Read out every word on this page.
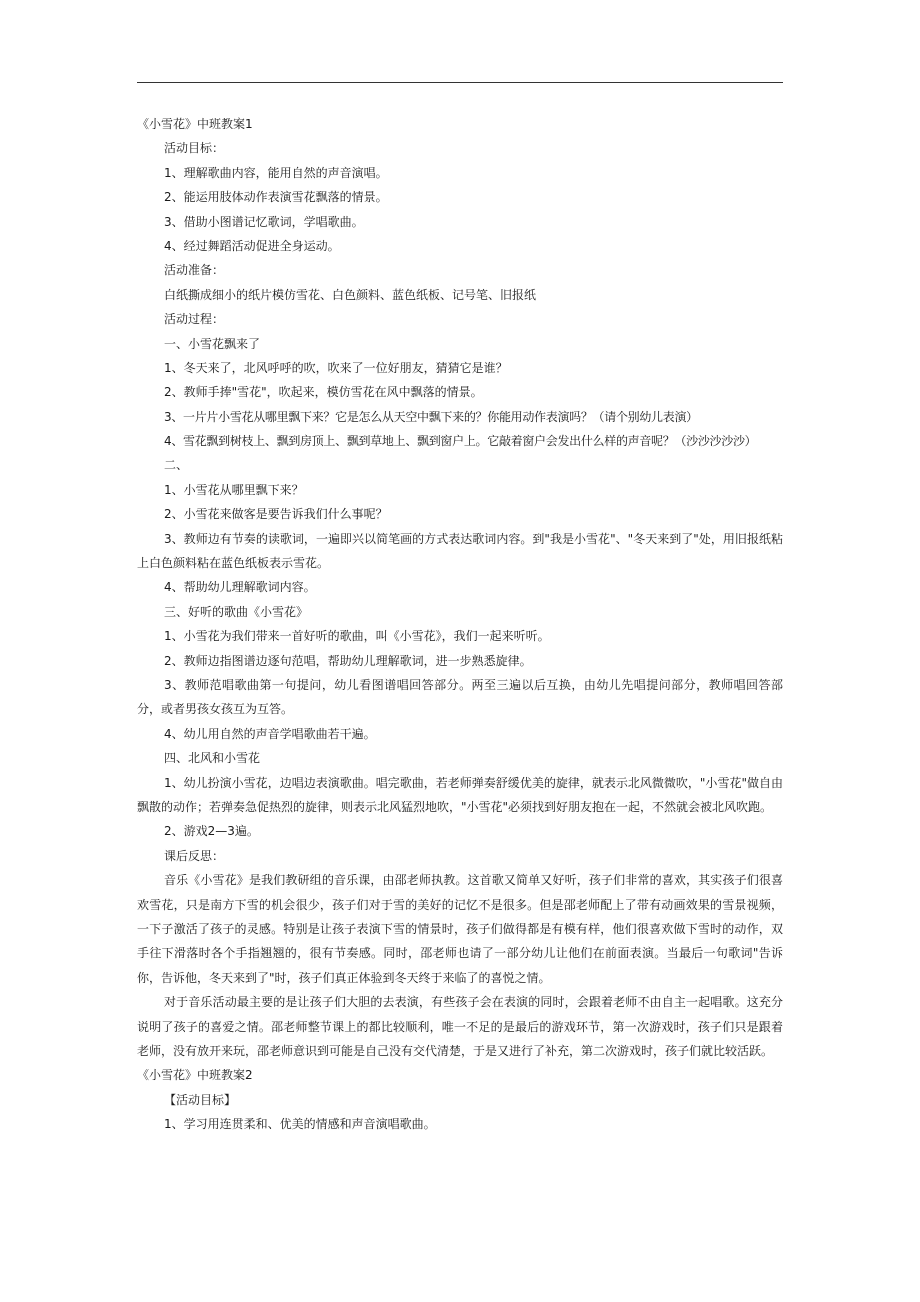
《小雪花》中班教案1
活动目标：
1、理解歌曲内容，能用自然的声音演唱。
2、能运用肢体动作表演雪花飘落的情景。
3、借助小图谱记忆歌词，学唱歌曲。
4、经过舞蹈活动促进全身运动。
活动准备：
白纸撕成细小的纸片模仿雪花、白色颜料、蓝色纸板、记号笔、旧报纸
活动过程：
一、小雪花飘来了
1、冬天来了，北风呼呼的吹，吹来了一位好朋友，猜猜它是谁？
2、教师手捧"雪花"，吹起来，模仿雪花在风中飘落的情景。
3、一片片小雪花从哪里飘下来？它是怎么从天空中飘下来的？你能用动作表演吗？（请个别幼儿表演）
4、雪花飘到树枝上、飘到房顶上、飘到草地上、飘到窗户上。它敲着窗户会发出什么样的声音呢？（沙沙沙沙沙）
二、
1、小雪花从哪里飘下来？
2、小雪花来做客是要告诉我们什么事呢？
3、教师边有节奏的读歌词，一遍即兴以简笔画的方式表达歌词内容。到"我是小雪花"、"冬天来到了"处，用旧报纸粘上白色颜料粘在蓝色纸板表示雪花。
4、帮助幼儿理解歌词内容。
三、好听的歌曲《小雪花》
1、小雪花为我们带来一首好听的歌曲，叫《小雪花》，我们一起来听听。
2、教师边指图谱边逐句范唱，帮助幼儿理解歌词，进一步熟悉旋律。
3、教师范唱歌曲第一句提问，幼儿看图谱唱回答部分。两至三遍以后互换，由幼儿先唱提问部分，教师唱回答部分，或者男孩女孩互为互答。
4、幼儿用自然的声音学唱歌曲若干遍。
四、北风和小雪花
1、幼儿扮演小雪花，边唱边表演歌曲。唱完歌曲，若老师弹奏舒缓优美的旋律，就表示北风微微吹，"小雪花"做自由飘散的动作；若弹奏急促热烈的旋律，则表示北风猛烈地吹，"小雪花"必须找到好朋友抱在一起，不然就会被北风吹跑。
2、游戏2—3遍。
课后反思：
音乐《小雪花》是我们教研组的音乐课，由邵老师执教。这首歌又简单又好听，孩子们非常的喜欢，其实孩子们很喜欢雪花，只是南方下雪的机会很少，孩子们对于雪的美好的记忆不是很多。但是邵老师配上了带有动画效果的雪景视频，一下子激活了孩子的灵感。特别是让孩子表演下雪的情景时，孩子们做得都是有模有样，他们很喜欢做下雪时的动作，双手往下滑落时各个手指翘翘的，很有节奏感。同时，邵老师也请了一部分幼儿让他们在前面表演。当最后一句歌词"告诉你，告诉他，冬天来到了"时，孩子们真正体验到冬天终于来临了的喜悦之情。
对于音乐活动最主要的是让孩子们大胆的去表演，有些孩子会在表演的同时，会跟着老师不由自主一起唱歌。这充分说明了孩子的喜爱之情。邵老师整节课上的都比较顺利，唯一不足的是最后的游戏环节，第一次游戏时，孩子们只是跟着老师，没有放开来玩，邵老师意识到可能是自己没有交代清楚，于是又进行了补充，第二次游戏时，孩子们就比较活跃。
《小雪花》中班教案2
【活动目标】
1、学习用连贯柔和、优美的情感和声音演唱歌曲。
